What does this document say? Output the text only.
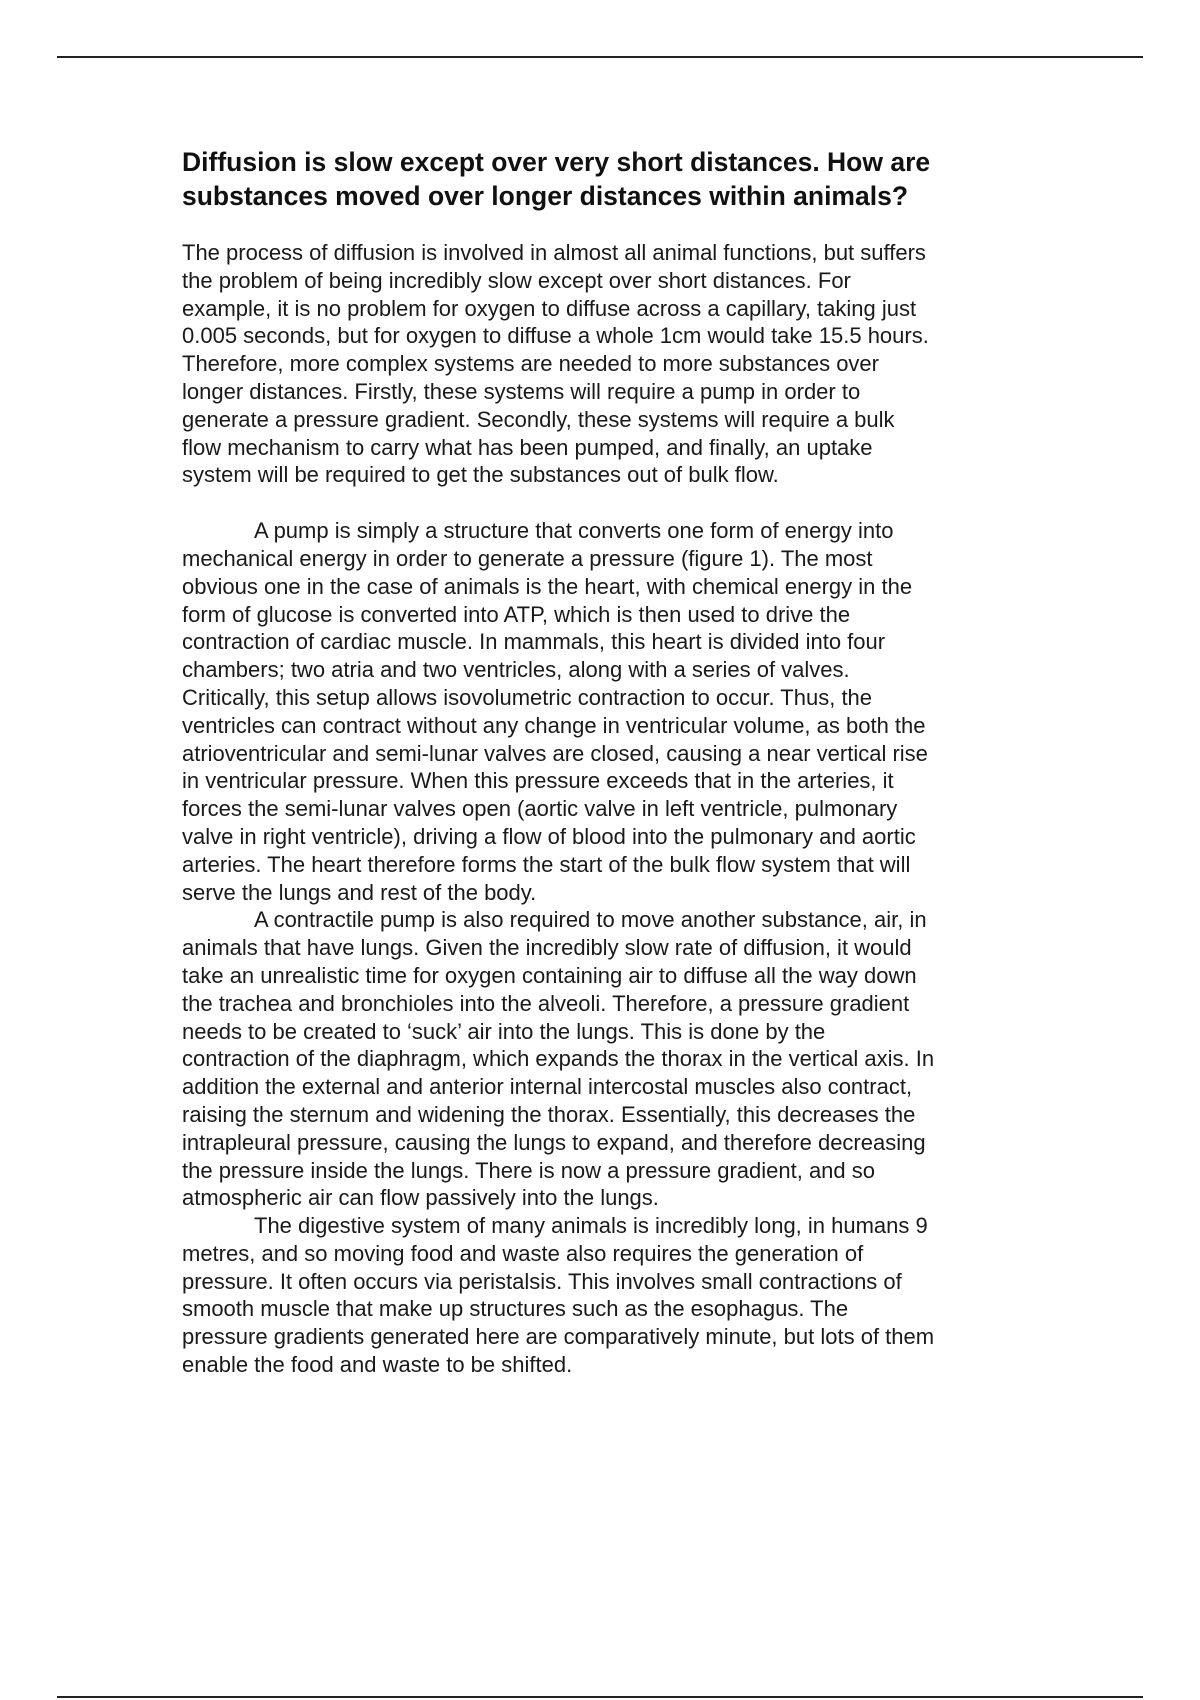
Diffusion is slow except over very short distances. How are
substances moved over longer distances within animals?

The process of diffusion is involved in almost all animal functions, but suffers
the problem of being incredibly slow except over short distances. For
example, it is no problem for oxygen to diffuse across a capillary, taking just
0.005 seconds, but for oxygen to diffuse a whole 1cm would take 15.5 hours.
Therefore, more complex systems are needed to more substances over
longer distances. Firstly, these systems will require a pump in order to
generate a pressure gradient. Secondly, these systems will require a bulk
flow mechanism to carry what has been pumped, and finally, an uptake
system will be required to get the substances out of bulk flow.

A pump is simply a structure that converts one form of energy into
mechanical energy in order to generate a pressure (figure 1). The most
obvious one in the case of animals is the heart, with chemical energy in the
form of glucose is converted into ATP, which is then used to drive the
contraction of cardiac muscle. In mammals, this heart is divided into four
chambers; two atria and two ventricles, along with a series of valves.
Critically, this setup allows isovolumetric contraction to occur. Thus, the
ventricles can contract without any change in ventricular volume, as both the
atrioventricular and semi-lunar valves are closed, causing a near vertical rise
in ventricular pressure. When this pressure exceeds that in the arteries, it
forces the semi-lunar valves open (aortic valve in left ventricle, pulmonary
valve in right ventricle), driving a flow of blood into the pulmonary and aortic
arteries. The heart therefore forms the start of the bulk flow system that will
serve the lungs and rest of the body.

A contractile pump is also required to move another substance, air, in
animals that have lungs. Given the incredibly slow rate of diffusion, it would
take an unrealistic time for oxygen containing air to diffuse all the way down
the trachea and bronchioles into the alveoli. Therefore, a pressure gradient
needs to be created to ‘suck’ air into the lungs. This is done by the
contraction of the diaphragm, which expands the thorax in the vertical axis. In
addition the external and anterior internal intercostal muscles also contract,
raising the sternum and widening the thorax. Essentially, this decreases the
intrapleural pressure, causing the lungs to expand, and therefore decreasing
the pressure inside the lungs. There is now a pressure gradient, and so
atmospheric air can flow passively into the lungs.

The digestive system of many animals is incredibly long, in humans 9
metres, and so moving food and waste also requires the generation of
pressure. It often occurs via peristalsis. This involves small contractions of
smooth muscle that make up structures such as the esophagus. The
pressure gradients generated here are comparatively minute, but lots of them
enable the food and waste to be shifted.
